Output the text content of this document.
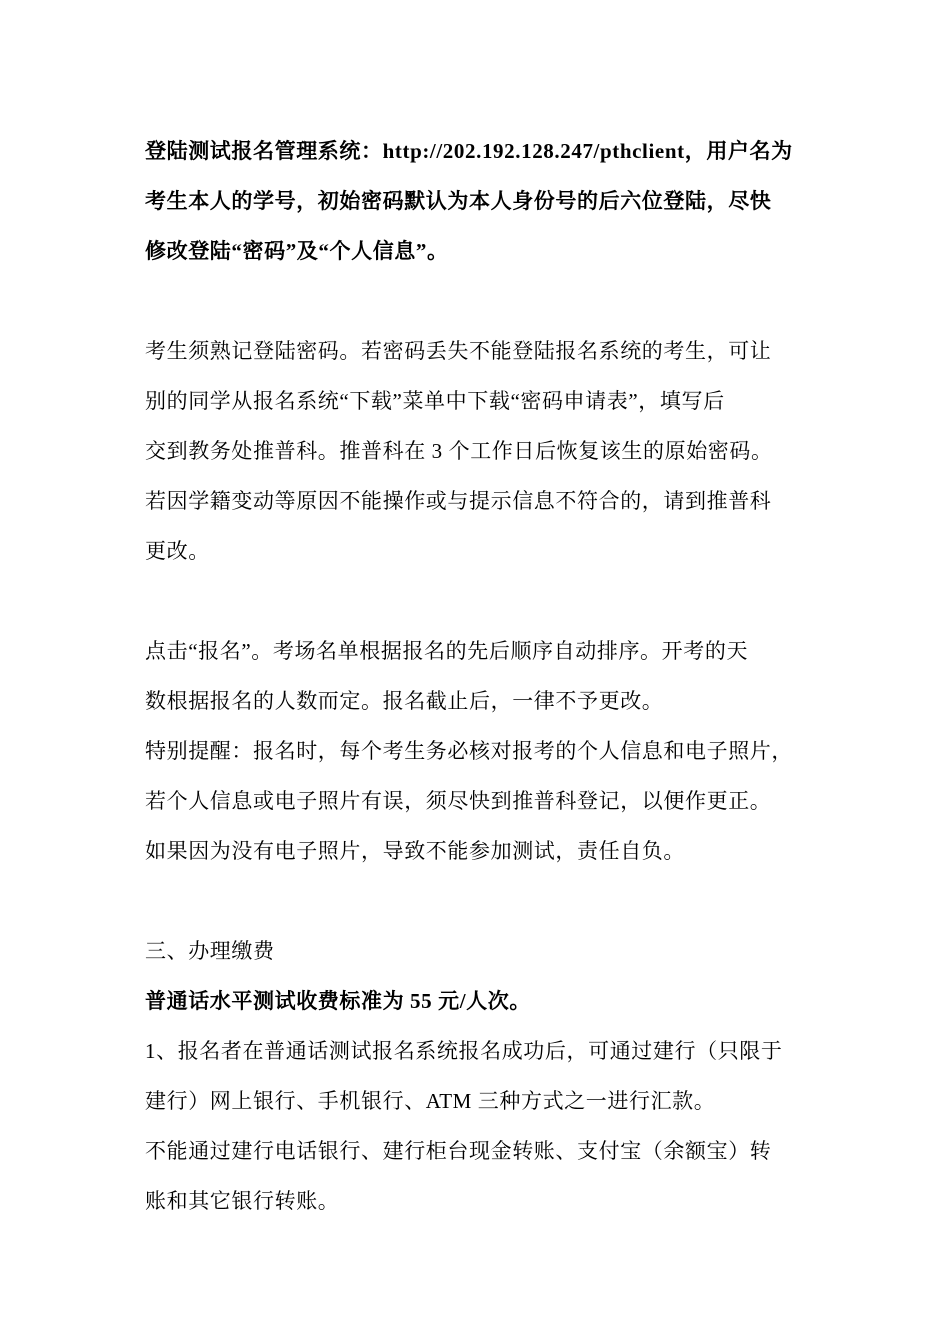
登陆测试报名管理系统：http://202.192.128.247/pthclient，用户名为
考生本人的学号，初始密码默认为本人身份号的后六位登陆，尽快
修改登陆“密码”及“个人信息”。
考生须熟记登陆密码。若密码丢失不能登陆报名系统的考生，可让
别的同学从报名系统“下载”菜单中下载“密码申请表”，填写后
交到教务处推普科。推普科在 3 个工作日后恢复该生的原始密码。
若因学籍变动等原因不能操作或与提示信息不符合的，请到推普科
更改。
点击“报名”。考场名单根据报名的先后顺序自动排序。开考的天
数根据报名的人数而定。报名截止后，一律不予更改。
特别提醒：报名时，每个考生务必核对报考的个人信息和电子照片，
若个人信息或电子照片有误，须尽快到推普科登记，以便作更正。
如果因为没有电子照片，导致不能参加测试，责任自负。
三、办理缴费
普通话水平测试收费标准为 55 元/人次。
1、报名者在普通话测试报名系统报名成功后，可通过建行（只限于
建行）网上银行、手机银行、ATM 三种方式之一进行汇款。
不能通过建行电话银行、建行柜台现金转账、支付宝（余额宝）转
账和其它银行转账。
